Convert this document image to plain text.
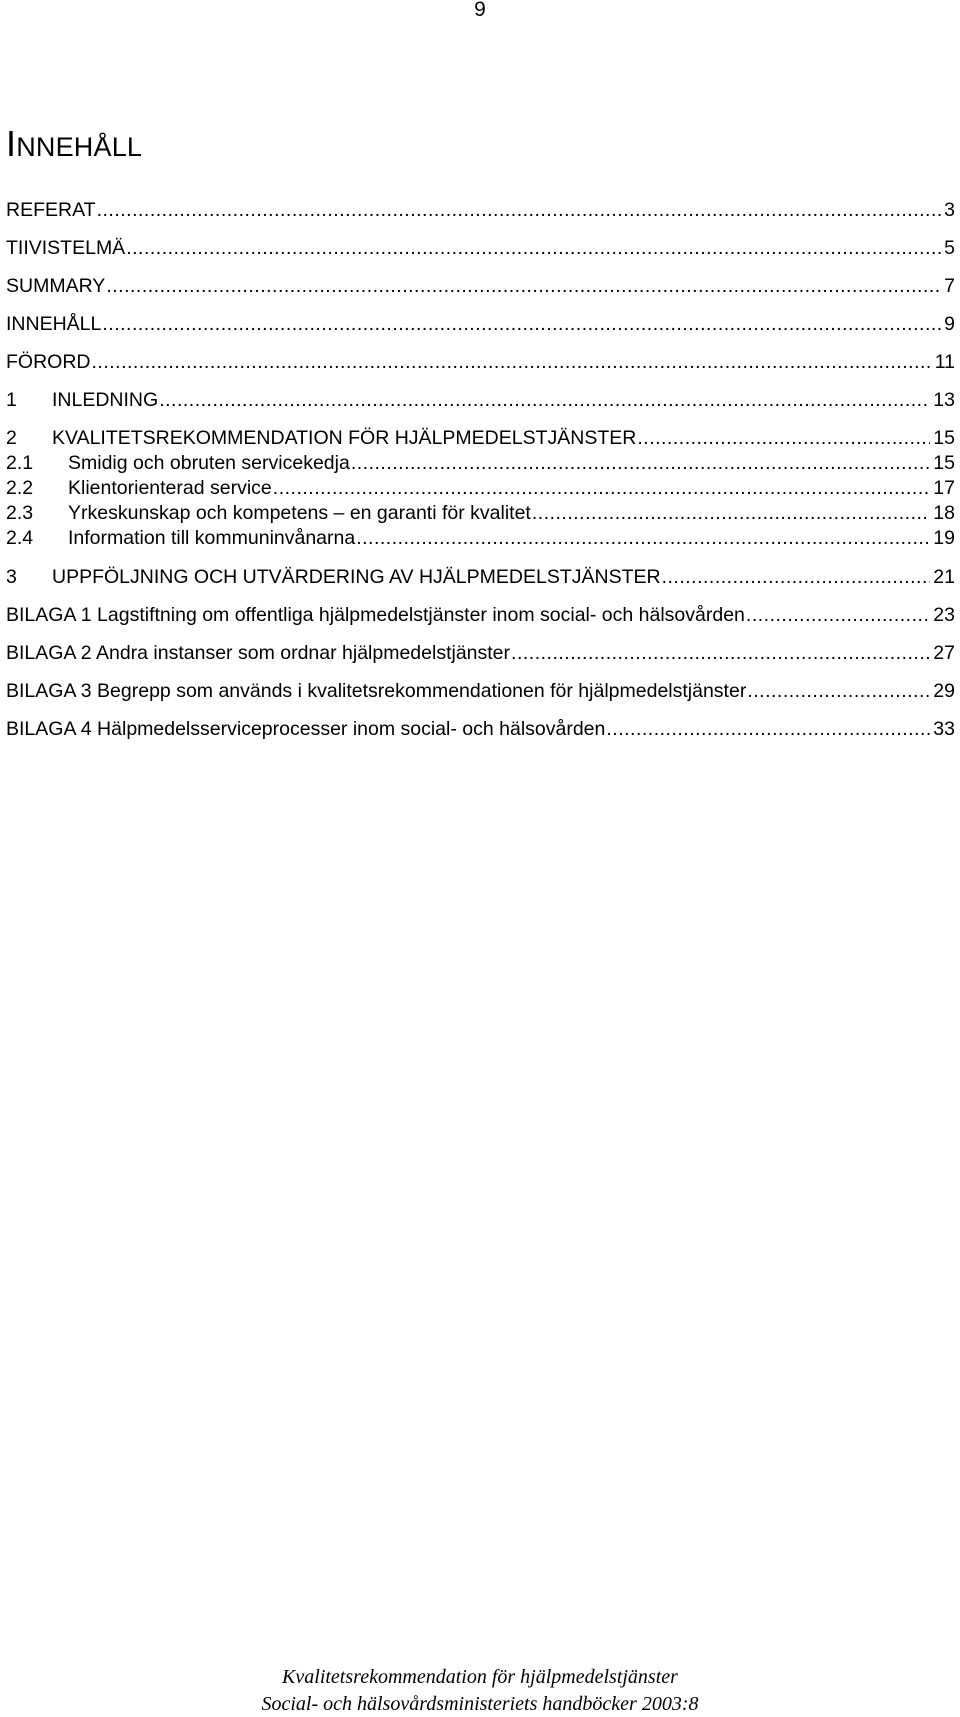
9
INNEHÅLL
REFERAT .....	3
TIIVISTELMÄ .....	5
SUMMARY .....	7
INNEHÅLL .....	9
FÖRORD .....	11
1	INLEDNING .....	13
2	KVALITETSREKOMMENDATION FÖR HJÄLPMEDELSTJÄNSTER .....	15
2.1	Smidig och obruten servicekedja .....	15
2.2	Klientorienterad service .....	17
2.3	Yrkeskunskap och kompetens – en garanti för kvalitet .....	18
2.4	Information till kommuninvånarna .....	19
3	UPPFÖLJNING OCH UTVÄRDERING AV HJÄLPMEDELSTJÄNSTER .....	21
BILAGA 1 Lagstiftning om offentliga hjälpmedelstjänster inom social- och hälsovården .....	23
BILAGA 2 Andra instanser som ordnar hjälpmedelstjänster .....	27
BILAGA 3 Begrepp som används i kvalitetsrekommendationen för hjälpmedelstjänster .....	29
BILAGA 4 Hälpmedelsserviceprocesser inom social- och hälsovården .....	33
Kvalitetsrekommendation för hjälpmedelstjänster
Social- och hälsovårdsministeriets handböcker 2003:8
